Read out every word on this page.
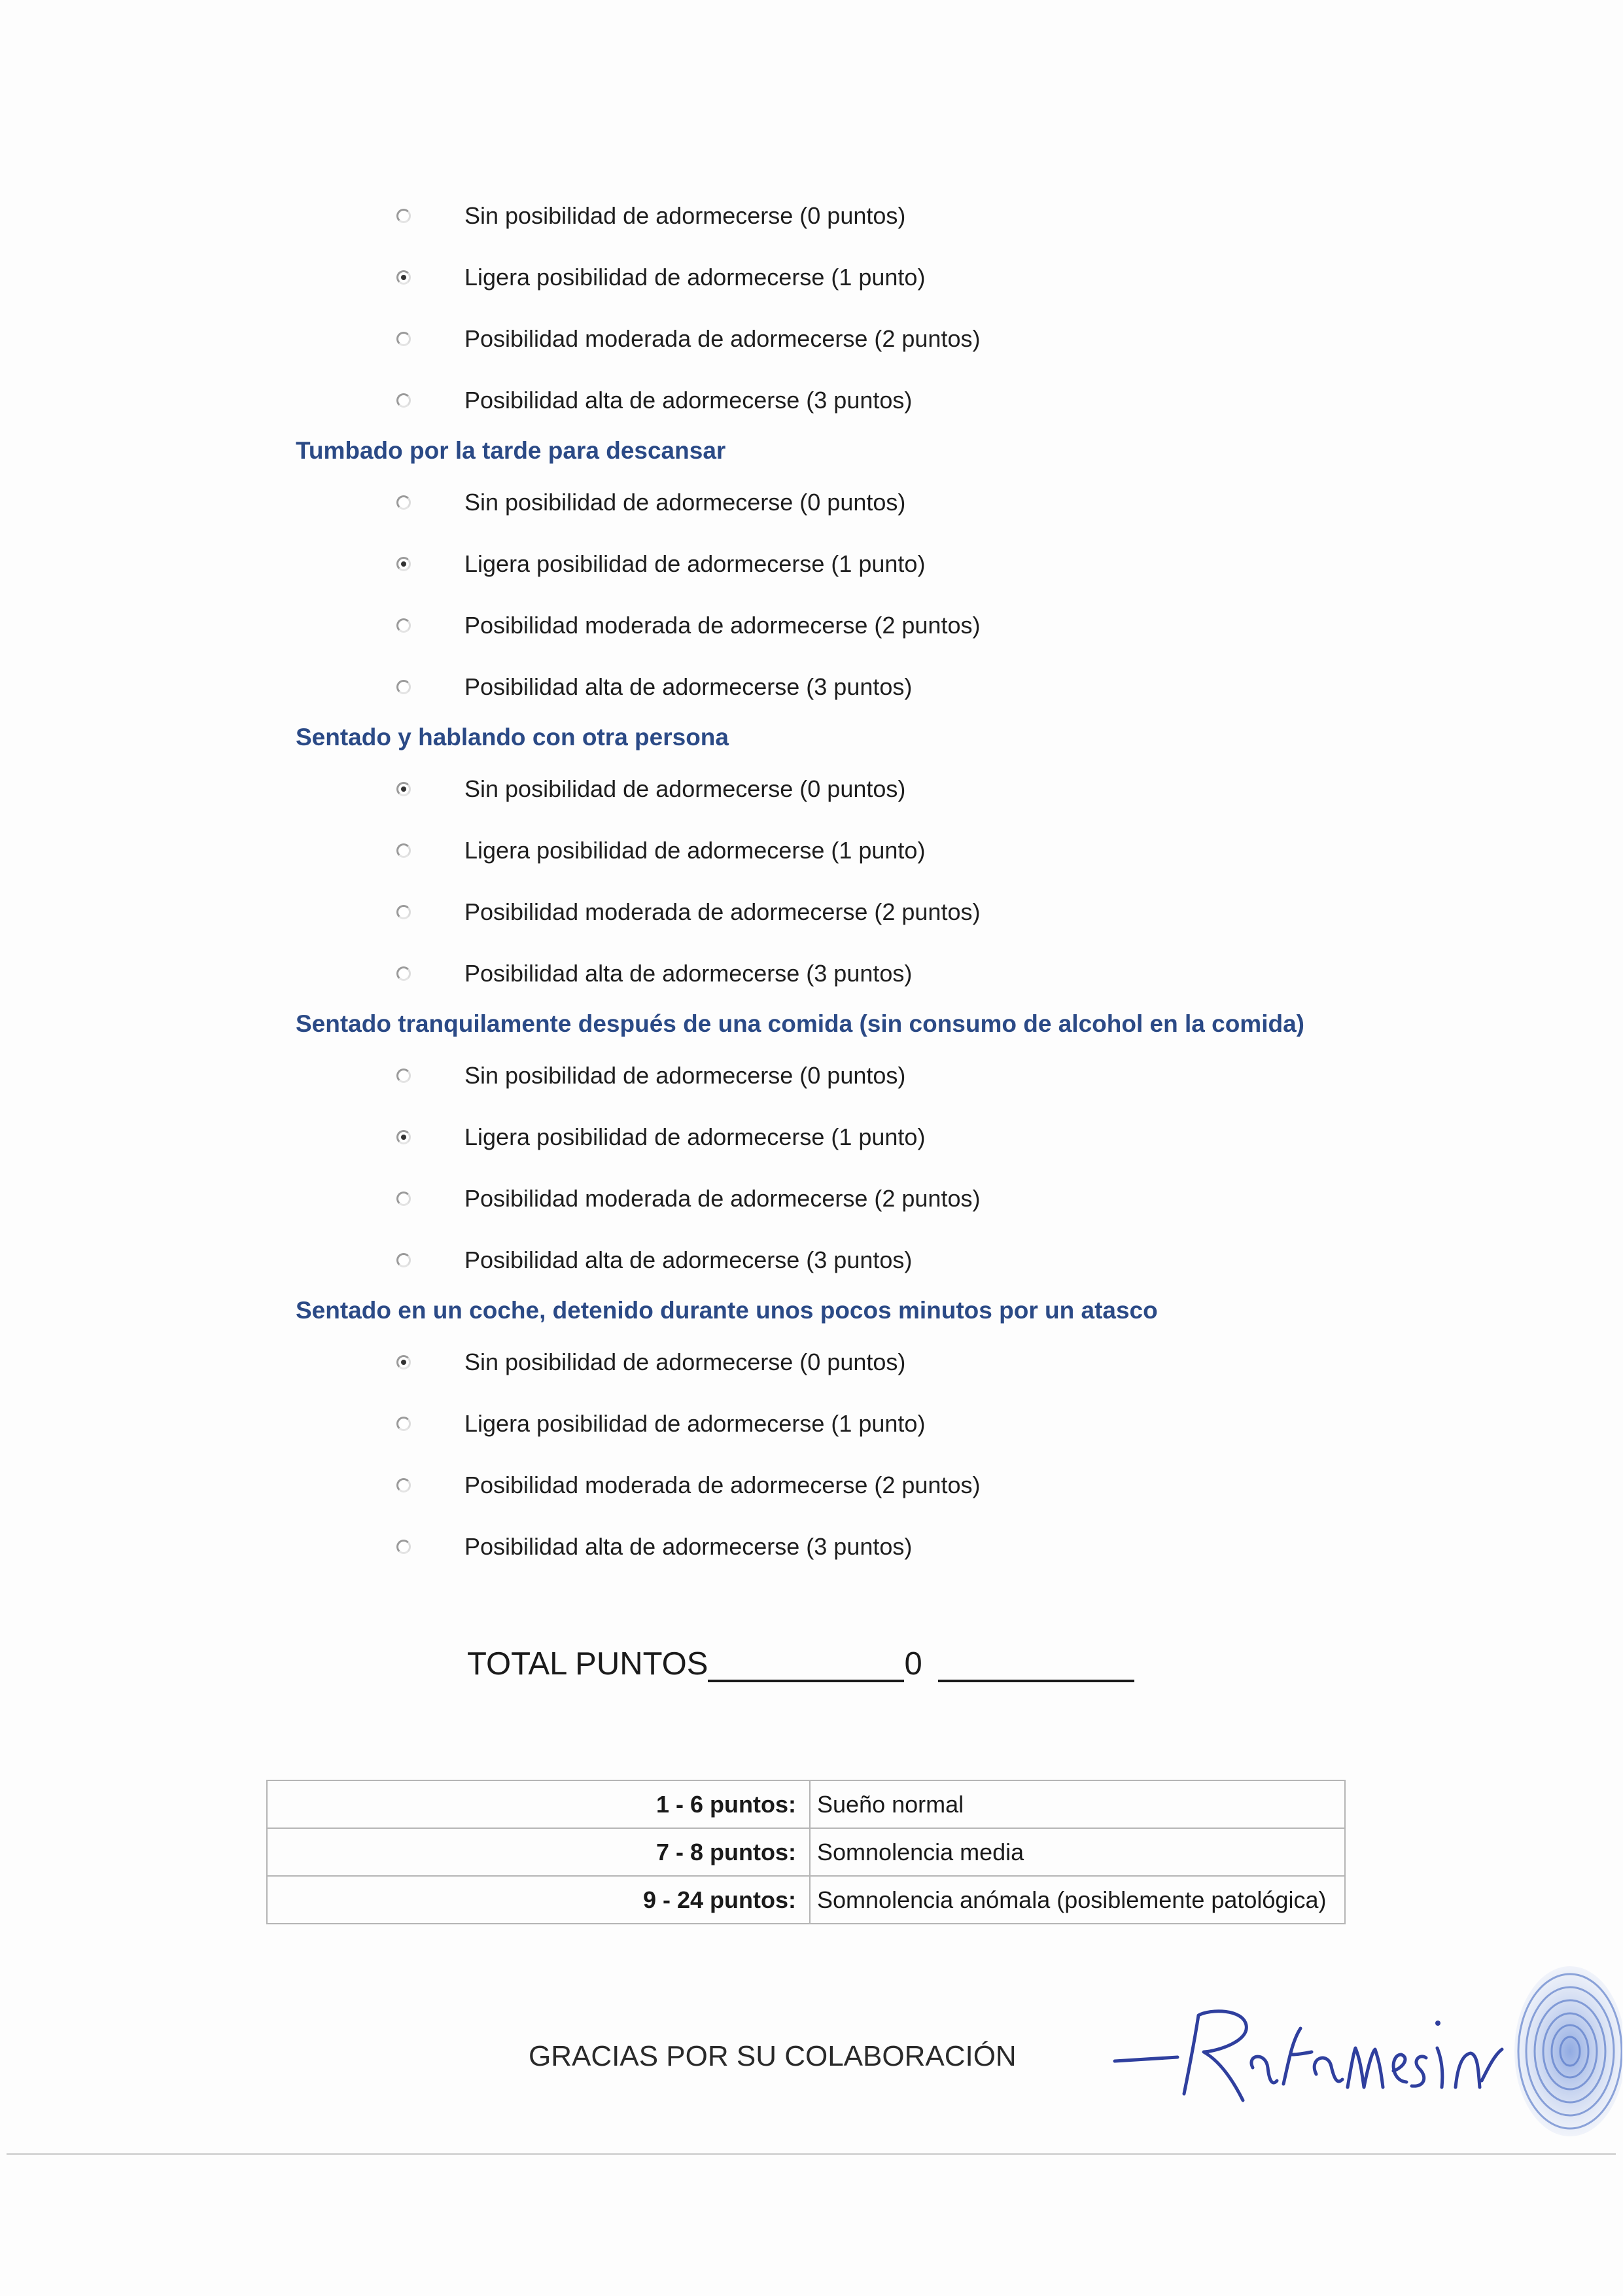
Sin posibilidad de adormecerse (0 puntos)
Ligera posibilidad de adormecerse (1 punto)
Posibilidad moderada de adormecerse (2 puntos)
Posibilidad alta de adormecerse (3 puntos)
Tumbado por la tarde para descansar
Sin posibilidad de adormecerse (0 puntos)
Ligera posibilidad de adormecerse (1 punto)
Posibilidad moderada de adormecerse (2 puntos)
Posibilidad alta de adormecerse (3 puntos)
Sentado y hablando con otra persona
Sin posibilidad de adormecerse (0 puntos)
Ligera posibilidad de adormecerse (1 punto)
Posibilidad moderada de adormecerse (2 puntos)
Posibilidad alta de adormecerse (3 puntos)
Sentado tranquilamente después de una comida (sin consumo de alcohol en la comida)
Sin posibilidad de adormecerse (0 puntos)
Ligera posibilidad de adormecerse (1 punto)
Posibilidad moderada de adormecerse (2 puntos)
Posibilidad alta de adormecerse (3 puntos)
Sentado en un coche, detenido durante unos pocos minutos por un atasco
Sin posibilidad de adormecerse (0 puntos)
Ligera posibilidad de adormecerse (1 punto)
Posibilidad moderada de adormecerse (2 puntos)
Posibilidad alta de adormecerse (3 puntos)
TOTAL PUNTOS	0
1 - 6 puntos:	Sueño normal
7 - 8 puntos:	Somnolencia media
9 - 24 puntos:	Somnolencia anómala (posiblemente patológica)
GRACIAS POR SU COLABORACIÓN
